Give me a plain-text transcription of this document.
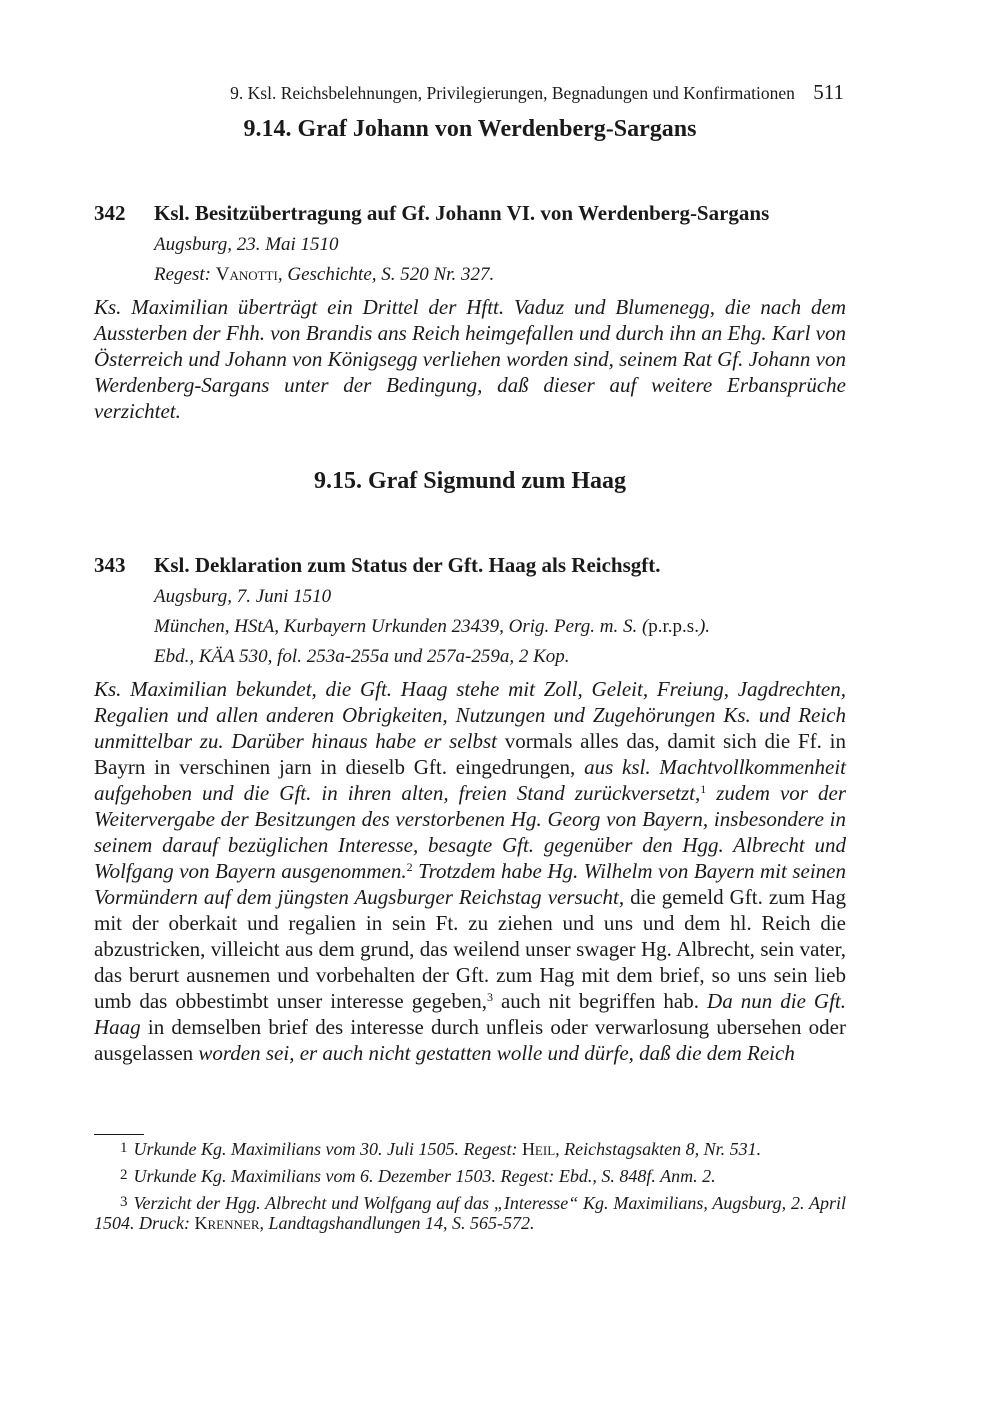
9. Ksl. Reichsbelehnungen, Privilegierungen, Begnadungen und Konfirmationen 511
9.14. Graf Johann von Werdenberg-Sargans
342	Ksl. Besitzübertragung auf Gf. Johann VI. von Werdenberg-Sargans

Augsburg, 23. Mai 1510

Regest: Vanotti, Geschichte, S. 520 Nr. 327.

Ks. Maximilian überträgt ein Drittel der Hftt. Vaduz und Blumenegg, die nach dem Aussterben der Fhh. von Brandis ans Reich heimgefallen und durch ihn an Ehg. Karl von Österreich und Johann von Königsegg verliehen worden sind, seinem Rat Gf. Johann von Werdenberg-Sargans unter der Bedingung, daß dieser auf weitere Erbansprüche verzichtet.

9.15. Graf Sigmund zum Haag
343	Ksl. Deklaration zum Status der Gft. Haag als Reichsgft.

Augsburg, 7. Juni 1510

München, HStA, Kurbayern Urkunden 23439, Orig. Perg. m. S. (p.r.p.s.).

Ebd., KÄA 530, fol. 253a-255a und 257a-259a, 2 Kop.

Ks. Maximilian bekundet, die Gft. Haag stehe mit Zoll, Geleit, Freiung, Jagdrechten, Regalien und allen anderen Obrigkeiten, Nutzungen und Zugehörungen Ks. und Reich unmittelbar zu. Darüber hinaus habe er selbst vormals alles das, damit sich die Ff. in Bayrn in verschinen jarn in dieselb Gft. eingedrungen, aus ksl. Machtvollkommenheit aufgehoben und die Gft. in ihren alten, freien Stand zurückversetzt,$^1$ zudem vor der Weitervergabe der Besitzungen des verstorbenen Hg. Georg von Bayern, insbesondere in seinem darauf bezüglichen Interesse, besagte Gft. gegenüber den Hgg. Albrecht und Wolfgang von Bayern ausgenommen.$^2$ Trotzdem habe Hg. Wilhelm von Bayern mit seinen Vormündern auf dem jüngsten Augsburger Reichstag versucht, die gemeld Gft. zum Hag mit der oberkait und regalien in sein Ft. zu ziehen und uns und dem hl. Reich die abzustricken, villeicht aus dem grund, das weilend unser swager Hg. Albrecht, sein vater, das berurt ausnemen und vorbehalten der Gft. zum Hag mit dem brief, so uns sein lieb umb das obbestimbt unser interesse gegeben,$^3$ auch nit begriffen hab. Da nun die Gft. Haag in demselben brief des interesse durch unfleis oder verwarlosung ubersehen oder ausgelassen worden sei, er auch nicht gestatten wolle und dürfe, daß die dem Reich

1 Urkunde Kg. Maximilians vom 30. Juli 1505. Regest: Heil, Reichstagsakten 8, Nr. 531.

2 Urkunde Kg. Maximilians vom 6. Dezember 1503. Regest: Ebd., S. 848f. Anm. 2.

3 Verzicht der Hgg. Albrecht und Wolfgang auf das „Interesse“ Kg. Maximilians, Augsburg, 2. April 1504. Druck: Krenner, Landtagshandlungen 14, S. 565-572.
